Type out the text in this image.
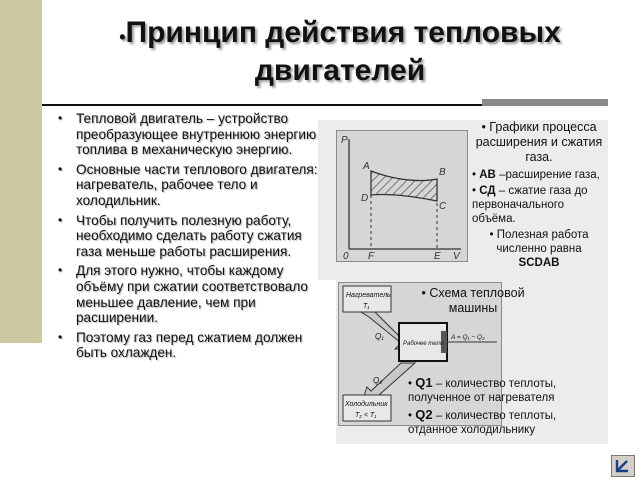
•Принцип действия тепловых двигателей
• Тепловой двигатель – устройство преобразующее внутреннюю энергию топлива в механическую энергию.
• Основные части теплового двигателя: нагреватель, рабочее тело и холодильник.
• Чтобы получить полезную работу, необходимо сделать работу сжатия газа меньше работы расширения.
• Для этого нужно, чтобы каждому объёму при сжатии соответствовало меньшее давление, чем при расширении.
• Поэтому газ перед сжатием должен быть охлажден.
P
V
0
A
B
C
D
F	E
• Графики процесса расширения и сжатия газа.
• АВ –расширение газа,
• СД – сжатие газа до первоначального объёма.
• Полезная работа численно равна
SCDAB
Нагреватель
T₁
Q₁
Рабочее тело
A = Q₁ − Q₂
Q₂
Холодильник
T₂ < T₁
• Схема тепловой машины
• Q1 – количество теплоты, полученное от нагревателя
• Q2 – количество теплоты, отданное холодильнику
